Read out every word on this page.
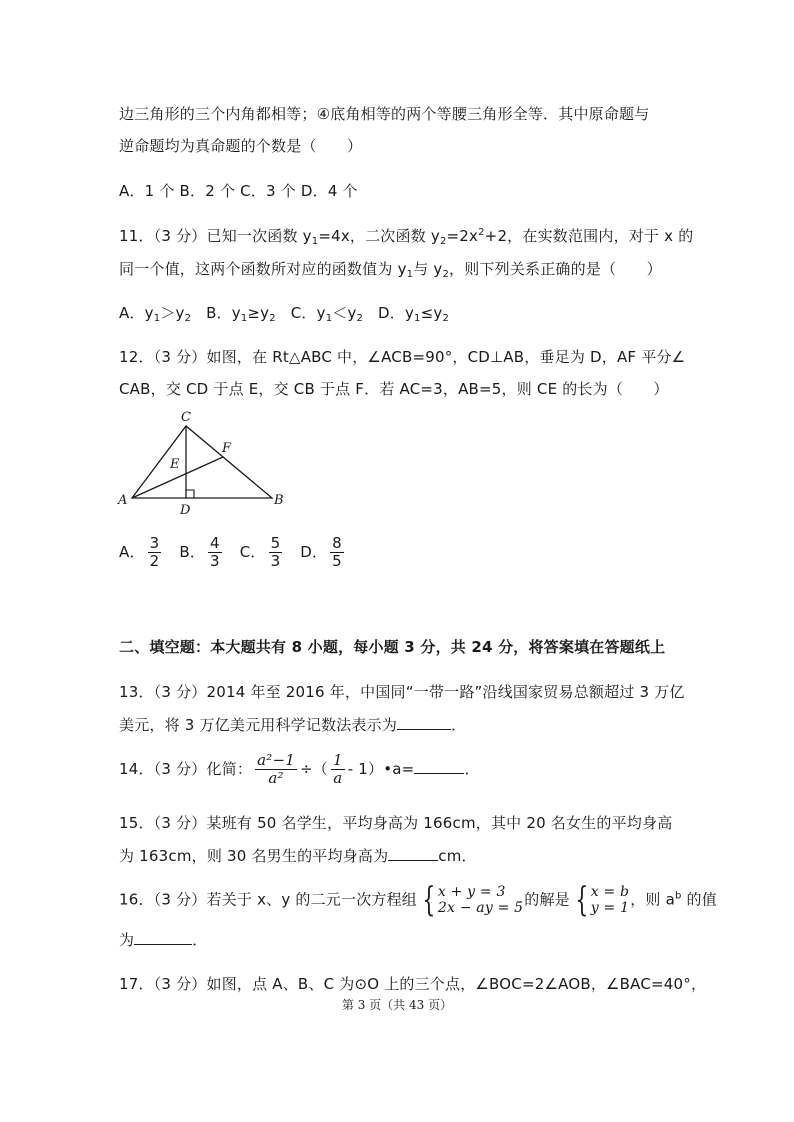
边三角形的三个内角都相等；④底角相等的两个等腰三角形全等．其中原命题与
逆命题均为真命题的个数是（　　）
A．1 个 B．2 个 C．3 个 D．4 个
11．（3 分）已知一次函数 $y_1=4x$，二次函数 $y_2=2x^2+2$，在实数范围内，对于 x 的
同一个值，这两个函数所对应的函数值为 $y_1$与 $y_2$，则下列关系正确的是（　　）
A．$y_1>y_2$ B．$y_1\ge y_2$ C．$y_1<y_2$ D．$y_1\le y_2$
12．（3 分）如图，在 Rt△ABC 中，∠ACB=90°，CD⊥AB，垂足为 D，AF 平分∠
CAB，交 CD 于点 E，交 CB 于点 F．若 AC=3，AB=5，则 CE 的长为（　　）
C
F
E
A
D
B
A． $\frac{3}{2}$ B． $\frac{4}{3}$ C． $\frac{5}{3}$ D． $\frac{8}{5}$
二、填空题：本大题共有 8 小题，每小题 3 分，共 24 分，将答案填在答题纸上
13．（3 分）2014 年至 2016 年，中国同“一带一路”沿线国家贸易总额超过 3 万亿
美元，将 3 万亿美元用科学记数法表示为	．
14．（3 分）化简： $\frac{\text{a²−1}}{\text{a²}}$ ÷（ $\frac{1}{a}$ - 1）•a=	．
15．（3 分）某班有 50 名学生，平均身高为 166cm，其中 20 名女生的平均身高
为 163cm，则 30 名男生的平均身高为	cm．
16．（3 分）若关于 x、y 的二元一次方程组 { x + y = 3
2x − ay = 5 的解是 { x = b
y = 1 ，则 $a^b$ 的值
为	．
17．（3 分）如图，点 A、B、C 为⊙O 上的三个点，∠BOC=2∠AOB，∠BAC=40°，
第 3 页（共 43 页）
